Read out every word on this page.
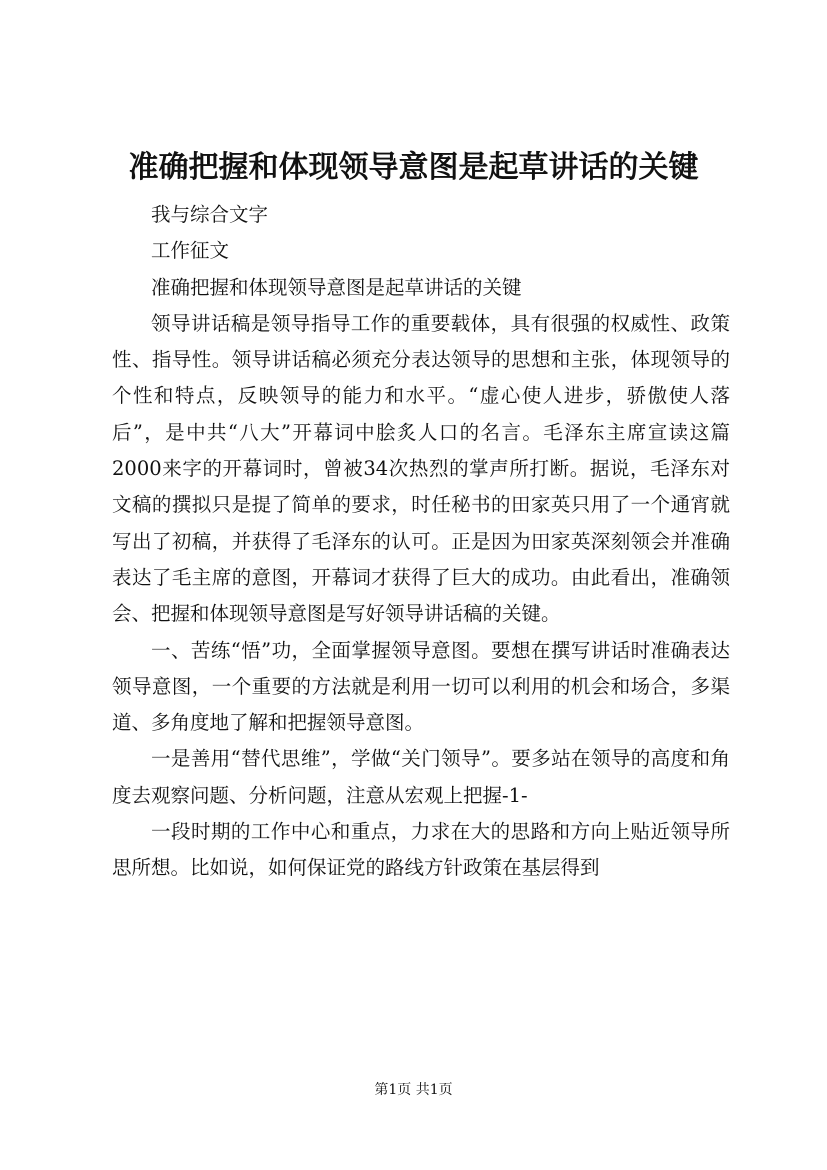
准确把握和体现领导意图是起草讲话的关键

我与综合文字

工作征文

准确把握和体现领导意图是起草讲话的关键

领导讲话稿是领导指导工作的重要载体，具有很强的权威性、政策性、指导性。领导讲话稿必须充分表达领导的思想和主张，体现领导的个性和特点，反映领导的能力和水平。“虚心使人进步，骄傲使人落后”，是中共“八大”开幕词中脍炙人口的名言。毛泽东主席宣读这篇2000来字的开幕词时，曾被34次热烈的掌声所打断。据说，毛泽东对文稿的撰拟只是提了简单的要求，时任秘书的田家英只用了一个通宵就写出了初稿，并获得了毛泽东的认可。正是因为田家英深刻领会并准确表达了毛主席的意图，开幕词才获得了巨大的成功。由此看出，准确领会、把握和体现领导意图是写好领导讲话稿的关键。

一、苦练“悟”功，全面掌握领导意图。要想在撰写讲话时准确表达领导意图，一个重要的方法就是利用一切可以利用的机会和场合，多渠道、多角度地了解和把握领导意图。

一是善用“替代思维”，学做“关门领导”。要多站在领导的高度和角度去观察问题、分析问题，注意从宏观上把握-1-

一段时期的工作中心和重点，力求在大的思路和方向上贴近领导所思所想。比如说，如何保证党的路线方针政策在基层得到

第1页 共1页
